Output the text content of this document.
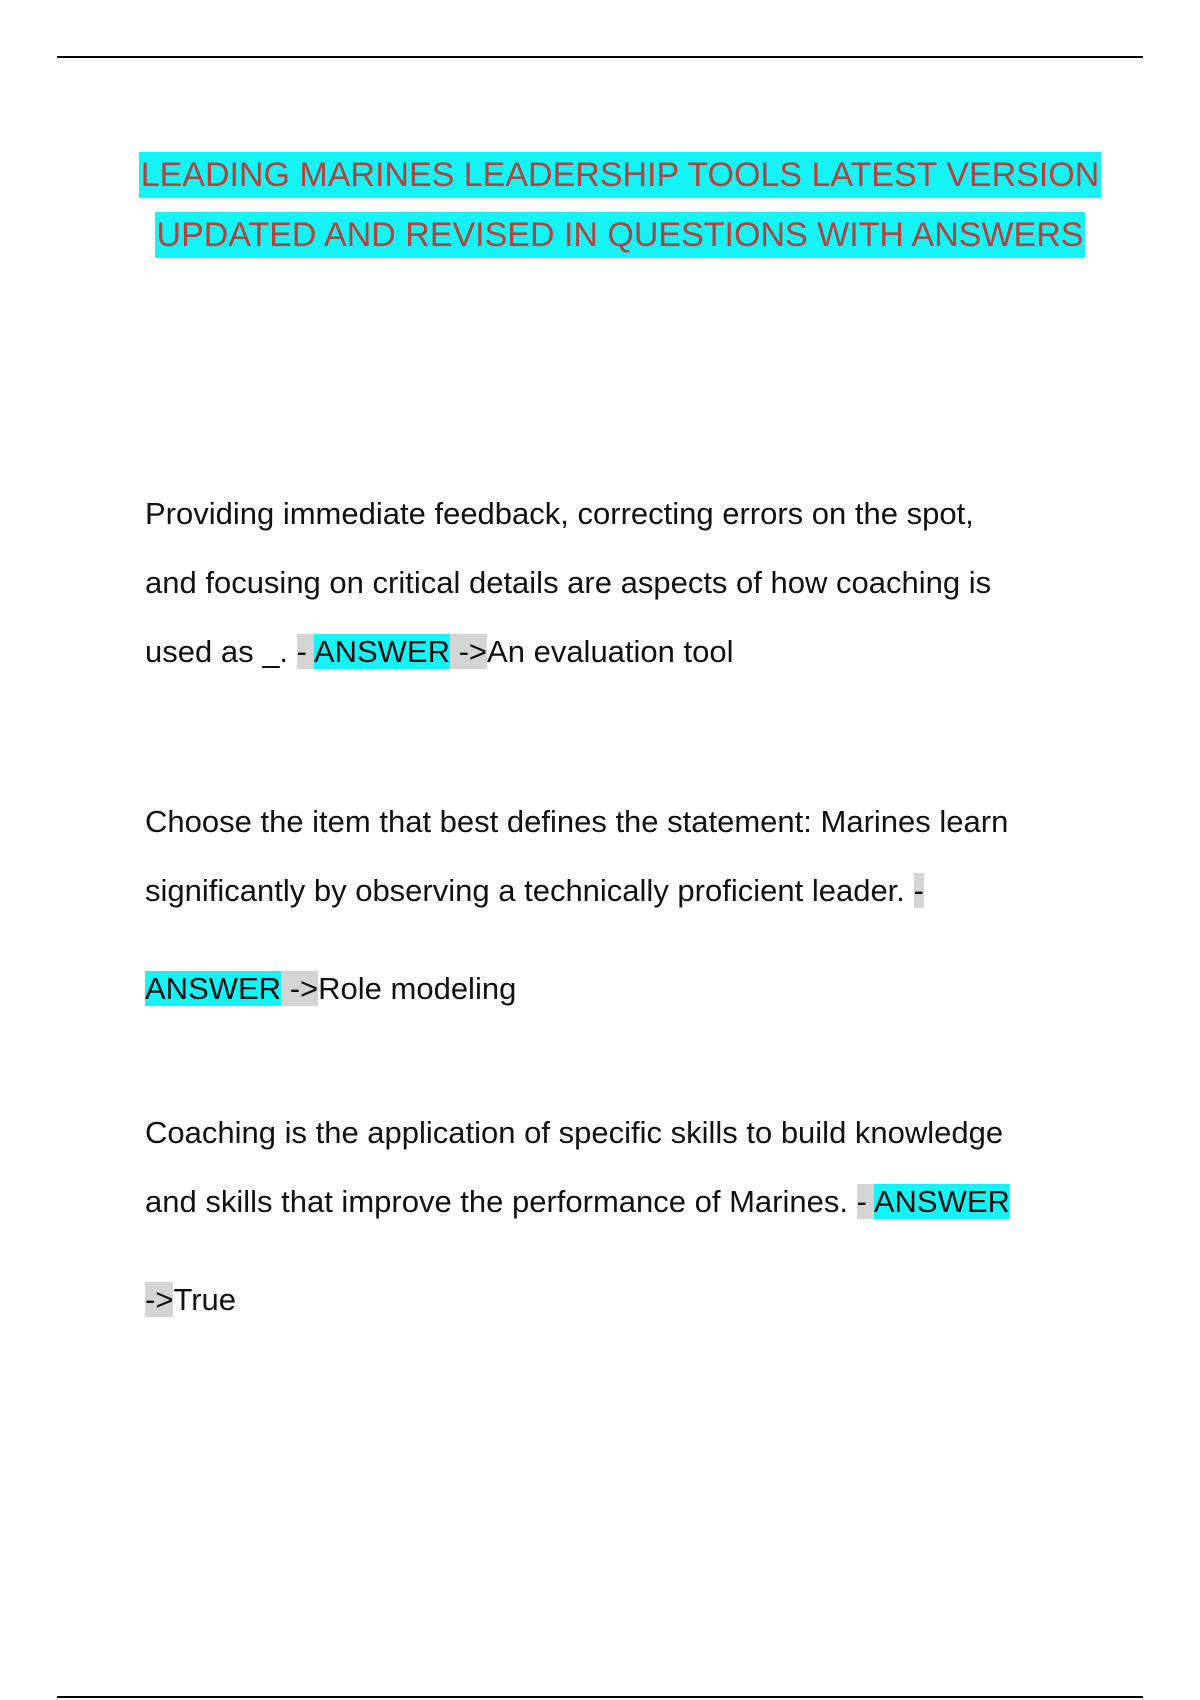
LEADING MARINES LEADERSHIP TOOLS LATEST VERSION
UPDATED AND REVISED IN QUESTIONS WITH ANSWERS
Providing immediate feedback, correcting errors on the spot,
and focusing on critical details are aspects of how coaching is
used as _. - ANSWER ->An evaluation tool
Choose the item that best defines the statement: Marines learn
significantly by observing a technically proficient leader. -
ANSWER ->Role modeling
Coaching is the application of specific skills to build knowledge
and skills that improve the performance of Marines. - ANSWER
->True
